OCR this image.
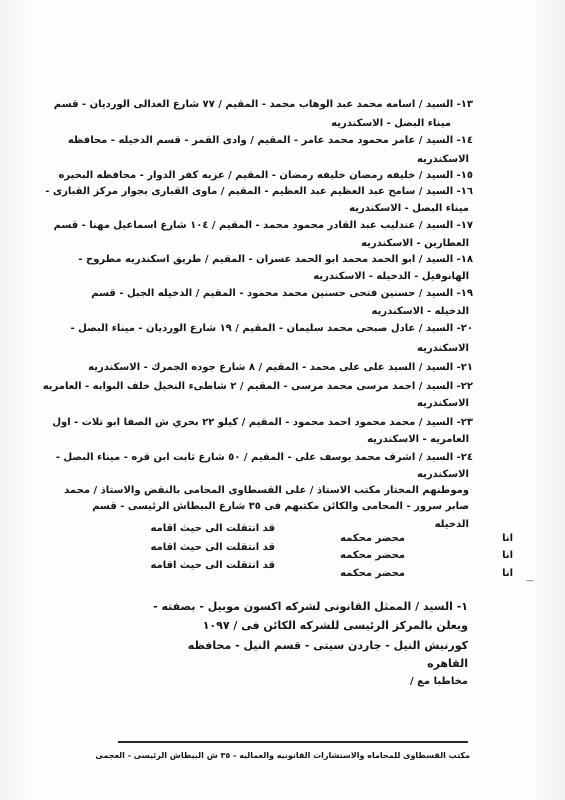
١٣- السيد / اسامه محمد عبد الوهاب محمد - المقيم / ٧٧ شارع العدالى الورديان - قسم
ميناء البصل - الاسكندريه
١٤- السيد / عامر محمود محمد عامر - المقيم / وادى القمر - قسم الدخيله - محافظه
الاسكندريه
١٥- السيد / خليفه رمضان خليفه رمضان - المقيم / عزبه كفر الدوار - محافظه البحيره
١٦- السيد / سامح عبد العظيم عبد العظيم - المقيم / ماوى القبارى بجوار مركز القبارى -
ميناء البصل - الاسكندريه
١٧- السيد / عندليب عبد القادر محمود محمد - المقيم / ١٠٤ شارع اسماعيل مهنا - قسم
العطارين - الاسكندريه
١٨- السيد / ابو الحمد محمد ابو الحمد عسران - المقيم / طريق اسكندريه مطروح -
الهانوفيل - الدخيله - الاسكندريه
١٩- السيد / حسنين فتحى حسنين محمد محمود - المقيم / الدخيله الجبل - قسم
الدخيله - الاسكندريه
٢٠- السيد / عادل صبحى محمد سليمان - المقيم / ١٩ شارع الورديان - ميناء البصل -
الاسكندريه
٢١- السيد / السيد على على محمد - المقيم / ٨ شارع جوده الجمرك - الاسكندريه
٢٢- السيد / احمد مرسى محمد مرسى - المقيم / ٢ شاطىء النخيل خلف البوابه - العامريه
الاسكندريه
٢٣- السيد / محمد محمود احمد محمود - المقيم / كيلو ٢٢ بحري ش الصفا ابو تلات - اول
العامريه - الاسكندريه
٢٤- السيد / اشرف محمد يوسف على - المقيم / ٥٠ شارع ثابت ابن قره - ميناء البصل -
الاسكندريه
وموطنهم المختار مكتب الاستاذ / على القسطاوى المحامى بالنقض والاستاذ / محمد
صابر سرور - المحامى والكائن مكتبهم فى ٣٥ شارع البيطاش الرئيسى - قسم
الدخيله
انا
محضر محكمه
قد انتقلت الى حيث اقامه
انا
محضر محكمه
قد انتقلت الى حيث اقامه
انا
محضر محكمه
قد انتقلت الى حيث اقامه
—
١- السيد / الممثل القانونى لشركه اكسون موبيل - بصفته -
ويعلن بالمركز الرئيسى للشركه الكائن فى / ١٠٩٧
كورنيش النيل - جاردن سيتى - قسم النيل - محافظه
القاهره
مخاطبا مع /
مكتب القسطاوى للمحاماه والاستشارات القانونيه والعماليه - ٣٥ ش البيطاش الرئيسى - العجمى
